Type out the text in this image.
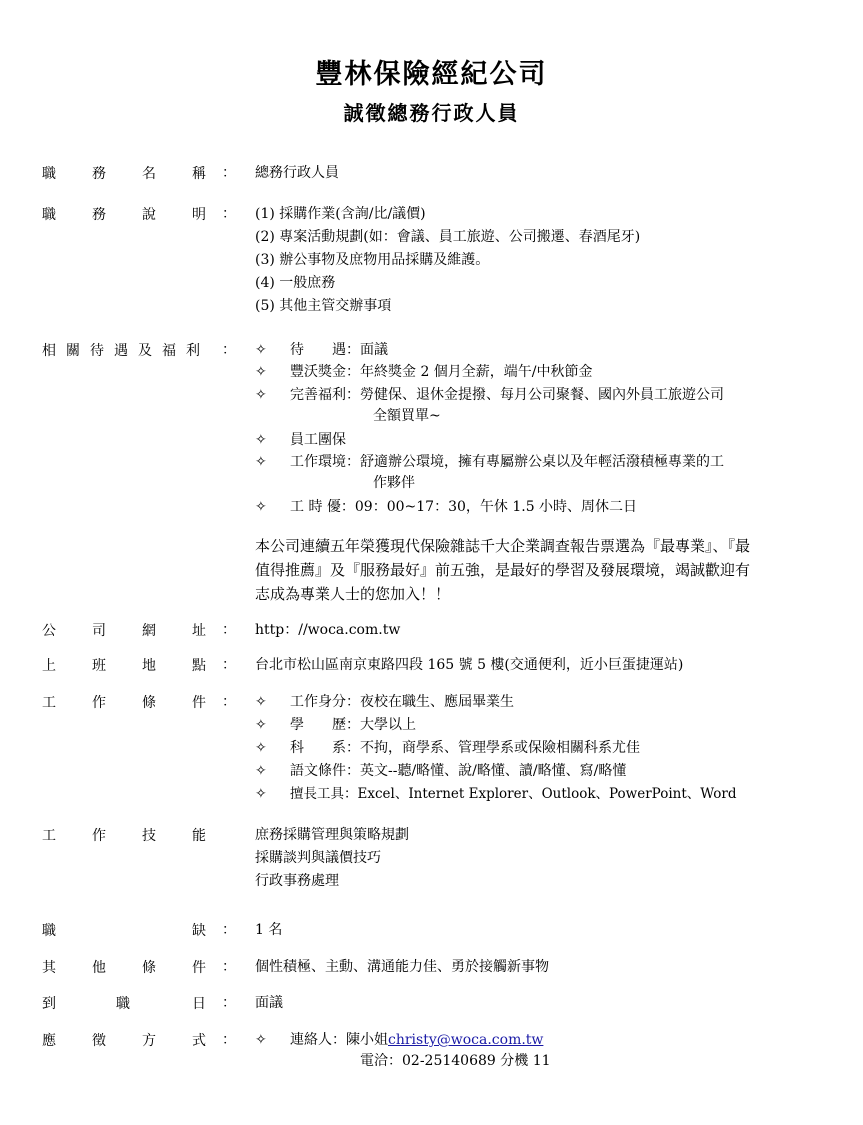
豐林保險經紀公司
誠徵總務行政人員
職	務	名	稱 ： 總務行政人員
職	務	說	明 ： (1) 採購作業(含詢/比/議價)
(2) 專案活動規劃(如：會議、員工旅遊、公司搬遷、春酒尾牙)
(3) 辦公事物及庶物用品採購及維護。
(4) 一般庶務
(5) 其他主管交辦事項
相 關 待 遇 及 福 利 ： ✧ 待　　遇：面議
✧ 豐沃獎金：年終獎金 2 個月全薪，端午/中秋節金
✧ 完善福利：勞健保、退休金提撥、每月公司聚餐、國內外員工旅遊公司
全額買單~
✧ 員工團保
✧ 工作環境：舒適辦公環境，擁有專屬辦公桌以及年輕活潑積極專業的工
作夥伴
✧ 工 時 優：09：00~17：30，午休 1.5 小時、周休二日
本公司連續五年榮獲現代保險雜誌千大企業調查報告票選為『最專業』、『最
值得推薦』及『服務最好』前五強，是最好的學習及發展環境，竭誠歡迎有
志成為專業人士的您加入！！
公	司	網	址 ： http：//woca.com.tw
上	班	地	點 ： 台北市松山區南京東路四段 165 號 5 樓(交通便利，近小巨蛋捷運站)
工	作	條	件 ： ✧ 工作身分：夜校在職生、應屆畢業生
✧ 學　　歷：大學以上
✧ 科　　系：不拘，商學系、管理學系或保險相關科系尤佳
✧ 語文條件：英文--聽/略懂、說/略懂、讀/略懂、寫/略懂
✧ 擅長工具：Excel、Internet Explorer、Outlook、PowerPoint、Word
工	作	技	能	庶務採購管理與策略規劃
採購談判與議價技巧
行政事務處理
職	缺 ： 1 名
其	他	條	件 ： 個性積極、主動、溝通能力佳、勇於接觸新事物
到	職	日 ： 面議
應	徵	方	式 ： ✧ 連絡人：陳小姐christy@woca.com.tw
電洽：02-25140689 分機 11
